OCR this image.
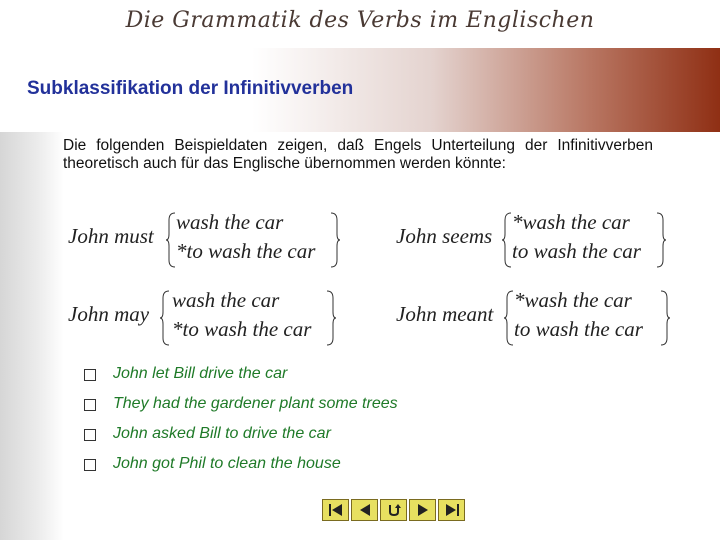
Die Grammatik des Verbs im Englischen
Subklassifikation der Infinitivverben
Die folgenden Beispieldaten zeigen, daß Engels Unterteilung der Infinitivverben theoretisch auch für das Englische übernommen werden könnte:
John must
wash the car
*to wash the car
John seems
*wash the car
to wash the car
John may
wash the car
*to wash the car
John meant
*wash the car
to wash the car
John let Bill drive the car
They had the gardener plant some trees
John asked Bill to drive the car
John got Phil to clean the house
